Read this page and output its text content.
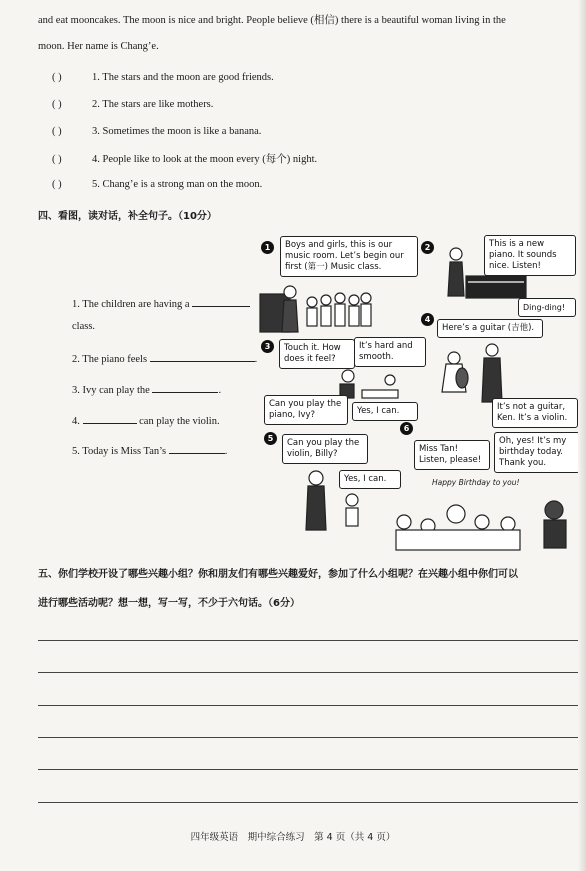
and eat mooncakes. The moon is nice and bright. People believe (相信) there is a beautiful woman living in the
moon. Her name is Chang’e.
( )	1. The stars and the moon are good friends.
( )	2. The stars are like mothers.
( )	3. Sometimes the moon is like a banana.
( )	4. People like to look at the moon every (每个) night.
( )	5. Chang’e is a strong man on the moon.
四、看图，读对话，补全句子。（10分）
1. The children are having a
class.
2. The piano feels	.
3. Ivy can play the	.
4.	can play the violin.
5. Today is Miss Tan’s	.
1	2
3
4
5
6
Boys and girls, this is our music room. Let’s begin our first (第一) Music class.
This is a new piano. It sounds nice. Listen!
Ding-ding!
Touch it. How does it feel?
It’s hard and smooth.
Can you play the piano, Ivy?	Yes, I can.
Here’s a guitar (吉他).
It’s not a guitar, Ken. It’s a violin.
Can you play the violin, Billy?
Yes, I can.
Miss Tan! Listen, please!
Oh, yes! It’s my birthday today. Thank you.
Happy Birthday to you!
五、你们学校开设了哪些兴趣小组？你和朋友们有哪些兴趣爱好，参加了什么小组呢？在兴趣小组中你们可以
进行哪些活动呢？想一想，写一写，不少于六句话。（6分）
四年级英语　期中综合练习　第 4 页（共 4 页）
